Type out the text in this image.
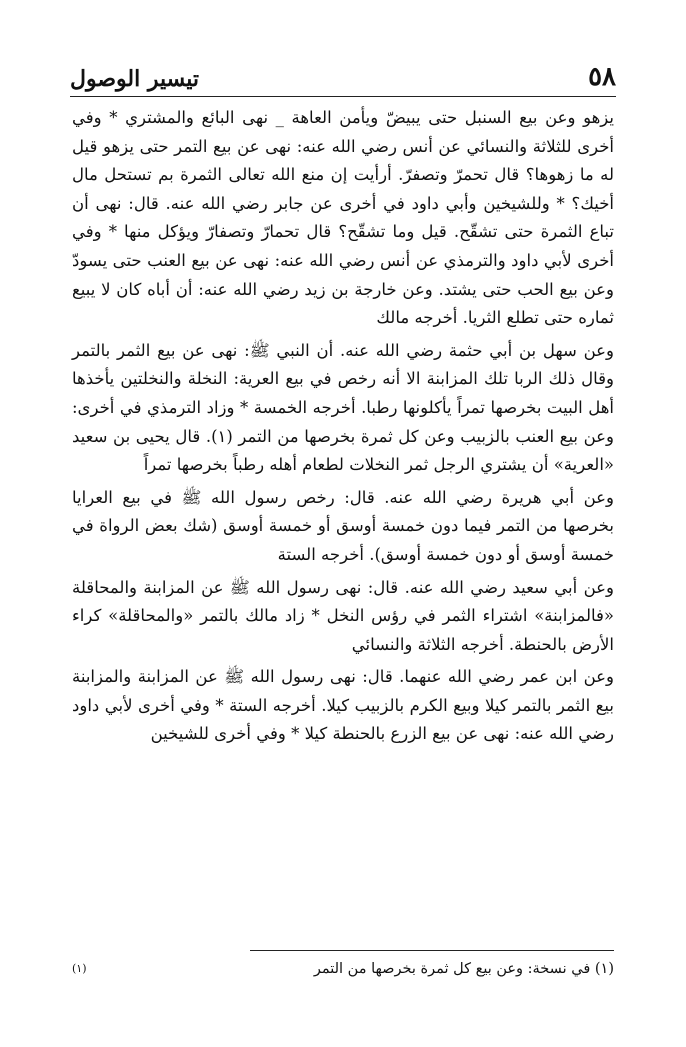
٥٨
تيسير الوصول

يزهو وعن بيع السنبل حتى يبيضّ ويأمن العاهة _ نهى البائع والمشتري * وفي أخرى للثلاثة والنسائي عن أنس رضي الله عنه: نهى عن بيع التمر حتى يزهو قيل له ما زهوها؟ قال تحمرّ وتصفرّ. أرأيت إن منع الله تعالى الثمرة بم تستحل مال أخيك؟ * وللشيخين وأبي داود في أخرى عن جابر رضي الله عنه. قال: نهى أن تباع الثمرة حتى تشقّح. قيل وما تشقّح؟ قال تحمارّ وتصفارّ ويؤكل منها * وفي أخرى لأبي داود والترمذي عن أنس رضي الله عنه: نهى عن بيع العنب حتى يسودّ وعن بيع الحب حتى يشتد. وعن خارجة بن زيد رضي الله عنه: أن أباه كان لا يبيع ثماره حتى تطلع الثريا. أخرجه مالك

وعن سهل بن أبي حثمة رضي الله عنه. أن النبي ﷺ: نهى عن بيع الثمر بالتمر وقال ذلك الربا تلك المزابنة الا أنه رخص في بيع العرية: النخلة والنخلتين يأخذها أهل البيت بخرصها تمراً يأكلونها رطبا. أخرجه الخمسة * وزاد الترمذي في أخرى: وعن بيع العنب بالزبيب وعن كل ثمرة بخرصها من التمر (١). قال يحيى بن سعيد «العرية» أن يشتري الرجل ثمر النخلات لطعام أهله رطباً بخرصها تمراً

وعن أبي هريرة رضي الله عنه. قال: رخص رسول الله ﷺ في بيع العرايا بخرصها من التمر فيما دون خمسة أوسق أو خمسة أوسق (شك بعض الرواة في خمسة أوسق أو دون خمسة أوسق). أخرجه الستة

وعن أبي سعيد رضي الله عنه. قال: نهى رسول الله ﷺ عن المزابنة والمحاقلة «فالمزابنة» اشتراء الثمر في رؤس النخل * زاد مالك بالتمر «والمحاقلة» كراء الأرض بالحنطة. أخرجه الثلاثة والنسائي

وعن ابن عمر رضي الله عنهما. قال: نهى رسول الله ﷺ عن المزابنة والمزابنة بيع الثمر بالتمر كيلا وبيع الكرم بالزبيب كيلا. أخرجه الستة * وفي أخرى لأبي داود رضي الله عنه: نهى عن بيع الزرع بالحنطة كيلا * وفي أخرى للشيخين

(١) في نسخة: وعن بيع كل ثمرة بخرصها من التمر
(١)
